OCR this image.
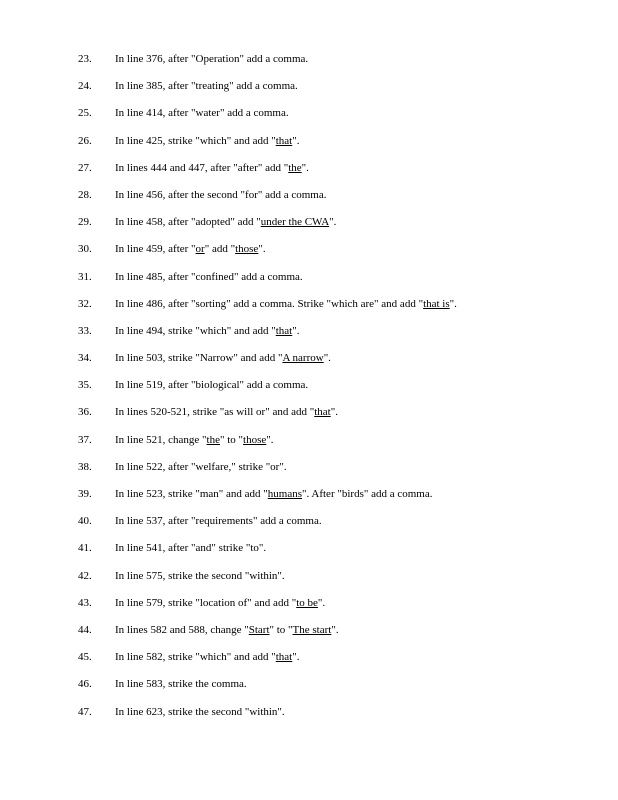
23. In line 376, after "Operation" add a comma.
24. In line 385, after "treating" add a comma.
25. In line 414, after "water" add a comma.
26. In line 425, strike "which" and add "that".
27. In lines 444 and 447, after "after" add "the".
28. In line 456, after the second "for" add a comma.
29. In line 458, after "adopted" add "under the CWA".
30. In line 459, after "or" add "those".
31. In line 485, after "confined" add a comma.
32. In line 486, after "sorting" add a comma. Strike "which are" and add "that is".
33. In line 494, strike "which" and add "that".
34. In line 503, strike "Narrow" and add "A narrow".
35. In line 519, after "biological" add a comma.
36. In lines 520-521, strike "as will or" and add "that".
37. In line 521, change "the" to "those".
38. In line 522, after "welfare," strike "or".
39. In line 523, strike "man" and add "humans". After "birds" add a comma.
40. In line 537, after "requirements" add a comma.
41. In line 541, after "and" strike "to".
42. In line 575, strike the second "within".
43. In line 579, strike "location of" and add "to be".
44. In lines 582 and 588, change "Start" to "The start".
45. In line 582, strike "which" and add "that".
46. In line 583, strike the comma.
47. In line 623, strike the second "within".
